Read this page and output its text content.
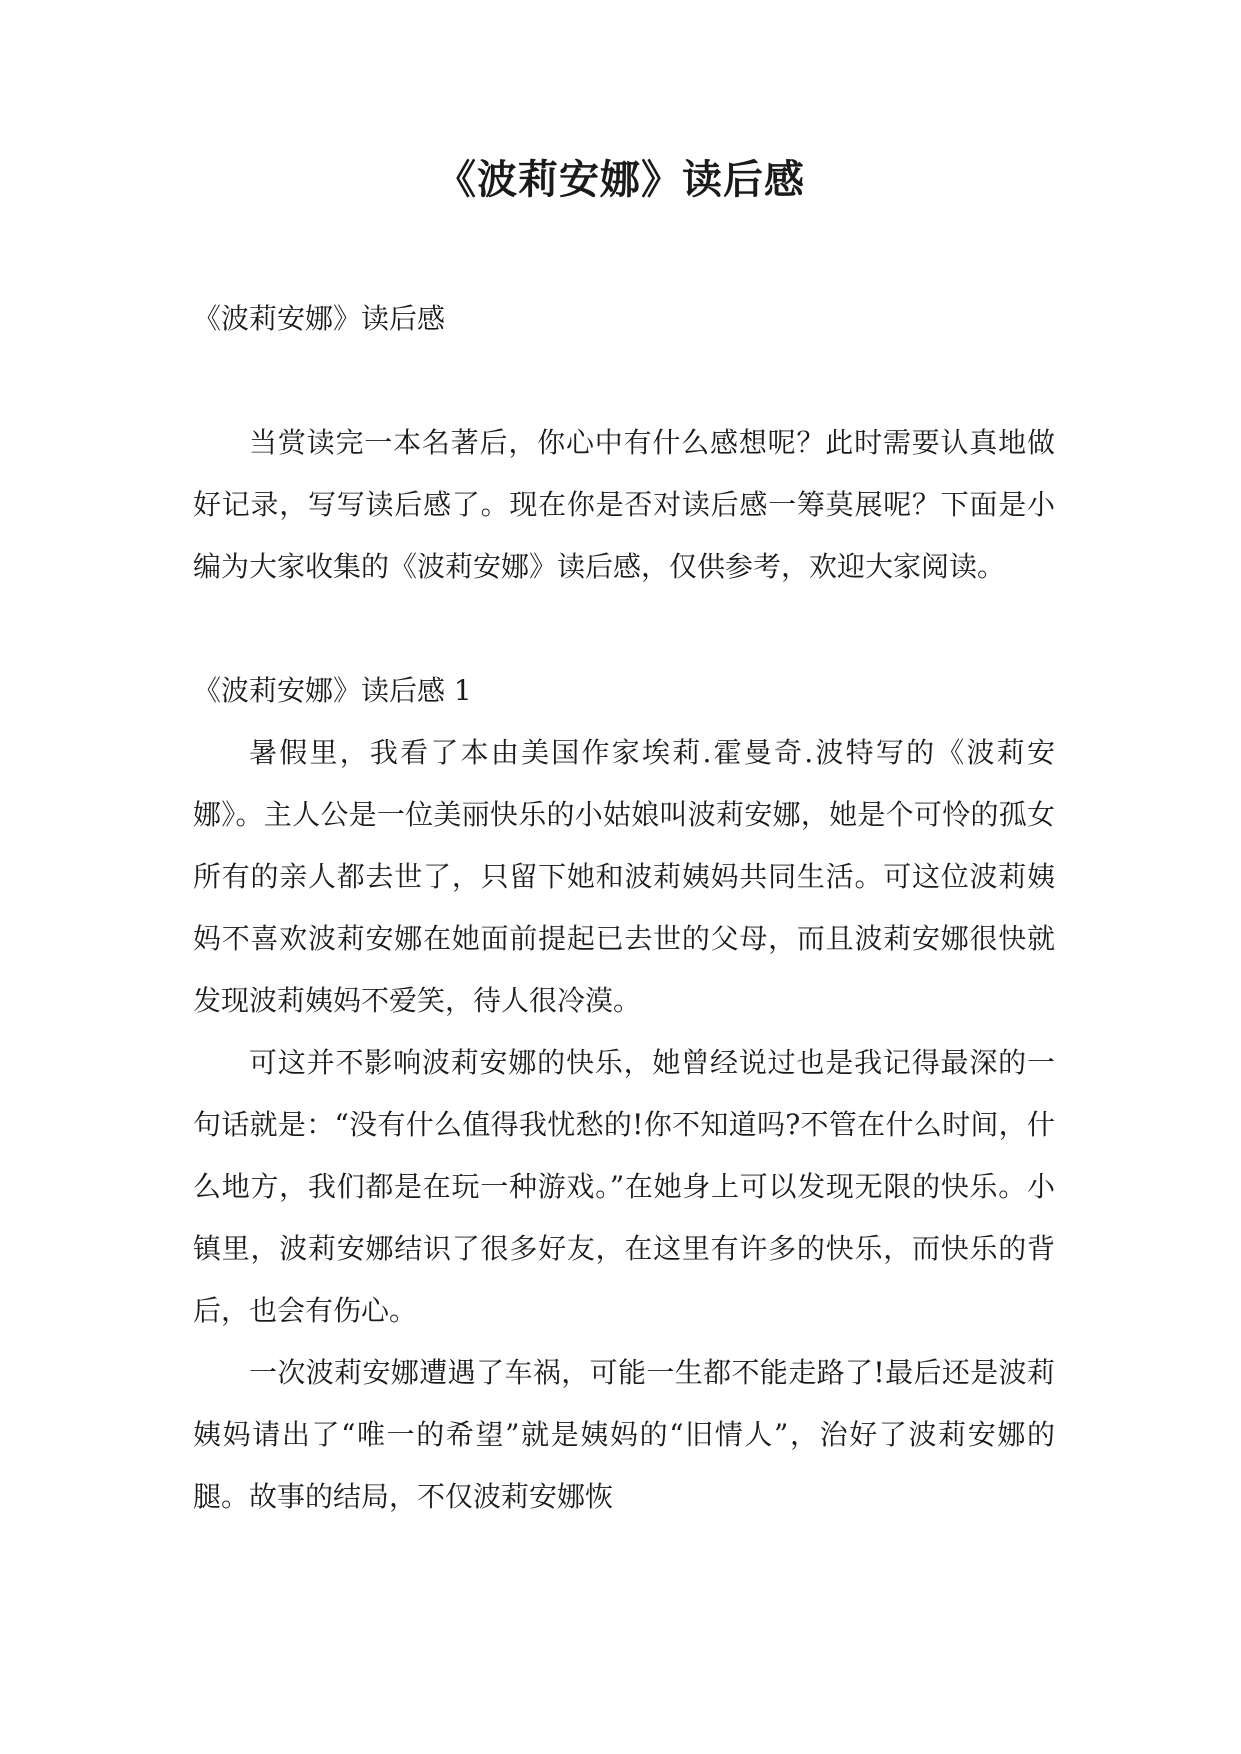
《波莉安娜》读后感

《波莉安娜》读后感

当赏读完一本名著后，你心中有什么感想呢？此时需要认真地做好记录，写写读后感了。现在你是否对读后感一筹莫展呢？下面是小编为大家收集的《波莉安娜》读后感，仅供参考，欢迎大家阅读。

《波莉安娜》读后感 1

暑假里，我看了本由美国作家埃莉.霍曼奇.波特写的《波莉安娜》。主人公是一位美丽快乐的小姑娘叫波莉安娜，她是个可怜的孤女所有的亲人都去世了，只留下她和波莉姨妈共同生活。可这位波莉姨妈不喜欢波莉安娜在她面前提起已去世的父母，而且波莉安娜很快就发现波莉姨妈不爱笑，待人很冷漠。

可这并不影响波莉安娜的快乐，她曾经说过也是我记得最深的一句话就是：“没有什么值得我忧愁的!你不知道吗?不管在什么时间，什么地方，我们都是在玩一种游戏。”在她身上可以发现无限的快乐。小镇里，波莉安娜结识了很多好友，在这里有许多的快乐，而快乐的背后，也会有伤心。

一次波莉安娜遭遇了车祸，可能一生都不能走路了!最后还是波莉姨妈请出了“唯一的希望”就是姨妈的“旧情人”，治好了波莉安娜的腿。故事的结局，不仅波莉安娜恢
